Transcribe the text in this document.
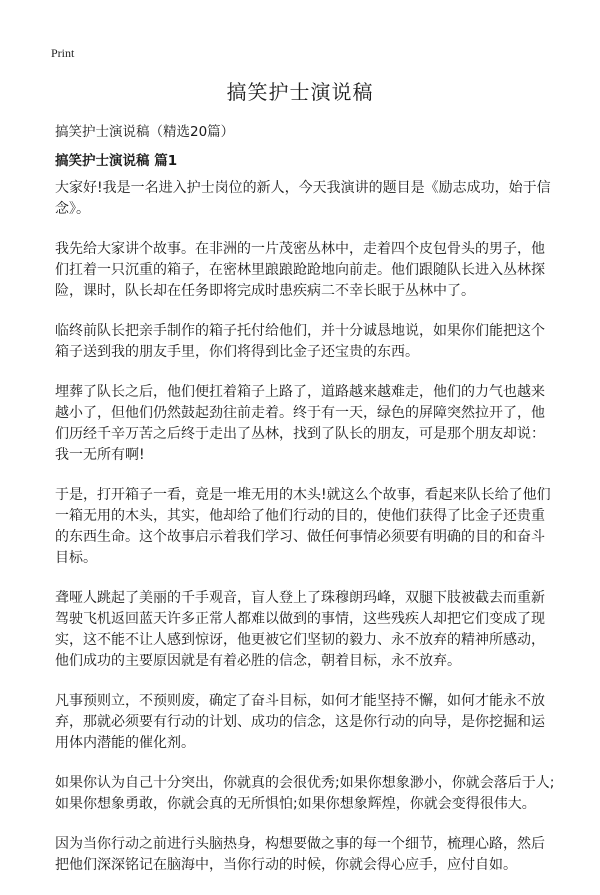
Print
搞笑护士演说稿
搞笑护士演说稿（精选20篇）
搞笑护士演说稿 篇1

大家好!我是一名进入护士岗位的新人，今天我演讲的题目是《励志成功，始于信念》。

我先给大家讲个故事。在非洲的一片茂密丛林中，走着四个皮包骨头的男子，他们扛着一只沉重的箱子，在密林里踉踉跄跄地向前走。他们跟随队长进入丛林探险，课时，队长却在任务即将完成时患疾病二不幸长眠于丛林中了。

临终前队长把亲手制作的箱子托付给他们，并十分诚恳地说，如果你们能把这个箱子送到我的朋友手里，你们将得到比金子还宝贵的东西。

埋葬了队长之后，他们便扛着箱子上路了，道路越来越难走，他们的力气也越来越小了，但他们仍然鼓起劲往前走着。终于有一天，绿色的屏障突然拉开了，他们历经千辛万苦之后终于走出了丛林，找到了队长的朋友，可是那个朋友却说：我一无所有啊!

于是，打开箱子一看，竟是一堆无用的木头!就这么个故事，看起来队长给了他们一箱无用的木头，其实，他却给了他们行动的目的，使他们获得了比金子还贵重的东西生命。这个故事启示着我们学习、做任何事情必须要有明确的目的和奋斗目标。

聋哑人跳起了美丽的千手观音，盲人登上了珠穆朗玛峰，双腿下肢被截去而重新驾驶飞机返回蓝天许多正常人都难以做到的事情，这些残疾人却把它们变成了现实，这不能不让人感到惊讶，他更被它们坚韧的毅力、永不放弃的精神所感动，他们成功的主要原因就是有着必胜的信念，朝着目标，永不放弃。

凡事预则立，不预则废，确定了奋斗目标，如何才能坚持不懈，如何才能永不放弃，那就必须要有行动的计划、成功的信念，这是你行动的向导，是你挖掘和运用体内潜能的催化剂。

如果你认为自己十分突出，你就真的会很优秀;如果你想象渺小，你就会落后于人;如果你想象勇敢，你就会真的无所惧怕;如果你想象辉煌，你就会变得很伟大。

因为当你行动之前进行头脑热身，构想要做之事的每一个细节，梳理心路，然后把他们深深铭记在脑海中，当你行动的时候，你就会得心应手，应付自如。
